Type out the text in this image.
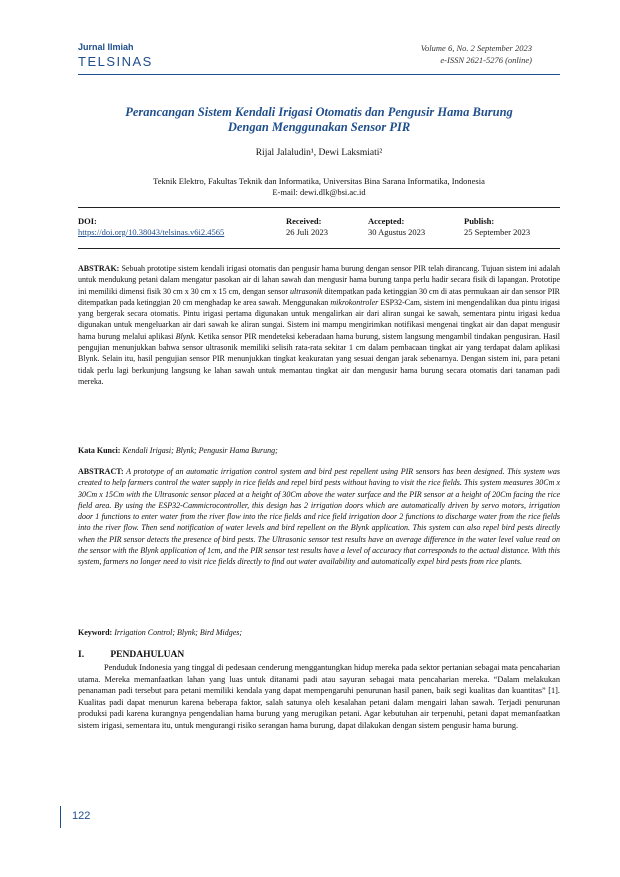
Jurnal Ilmiah
TELSINAS
Volume 6, No. 2 September 2023
e-ISSN 2621-5276 (online)
Perancangan Sistem Kendali Irigasi Otomatis dan Pengusir Hama Burung
Dengan Menggunakan Sensor PIR
Rijal Jalaludin¹, Dewi Laksmiati²
Teknik Elektro, Fakultas Teknik dan Informatika, Universitas Bina Sarana Informatika, Indonesia
E-mail: dewi.dlk@bsi.ac.id
DOI:
https://doi.org/10.38043/telsinas.v6i2.4565
Received:
26 Juli 2023
Accepted:
30 Agustus 2023
Publish:
25 September 2023
ABSTRAK: Sebuah prototipe sistem kendali irigasi otomatis dan pengusir hama burung dengan sensor PIR telah dirancang. Tujuan sistem ini adalah untuk mendukung petani dalam mengatur pasokan air di lahan sawah dan mengusir hama burung tanpa perlu hadir secara fisik di lapangan. Prototipe ini memiliki dimensi fisik 30 cm x 30 cm x 15 cm, dengan sensor ultrasonik ditempatkan pada ketinggian 30 cm di atas permukaan air dan sensor PIR ditempatkan pada ketinggian 20 cm menghadap ke area sawah. Menggunakan mikrokontroler ESP32-Cam, sistem ini mengendalikan dua pintu irigasi yang bergerak secara otomatis. Pintu irigasi pertama digunakan untuk mengalirkan air dari aliran sungai ke sawah, sementara pintu irigasi kedua digunakan untuk mengeluarkan air dari sawah ke aliran sungai. Sistem ini mampu mengirimkan notifikasi mengenai tingkat air dan dapat mengusir hama burung melalui aplikasi Blynk. Ketika sensor PIR mendeteksi keberadaan hama burung, sistem langsung mengambil tindakan pengusiran. Hasil pengujian menunjukkan bahwa sensor ultrasonik memiliki selisih rata-rata sekitar 1 cm dalam pembacaan tingkat air yang terdapat dalam aplikasi Blynk. Selain itu, hasil pengujian sensor PIR menunjukkan tingkat keakuratan yang sesuai dengan jarak sebenarnya. Dengan sistem ini, para petani tidak perlu lagi berkunjung langsung ke lahan sawah untuk memantau tingkat air dan mengusir hama burung secara otomatis dari tanaman padi mereka.
Kata Kunci: Kendali Irigasi; Blynk; Pengusir Hama Burung;
ABSTRACT: A prototype of an automatic irrigation control system and bird pest repellent using PIR sensors has been designed. This system was created to help farmers control the water supply in rice fields and repel bird pests without having to visit the rice fields. This system measures 30Cm x 30Cm x 15Cm with the Ultrasonic sensor placed at a height of 30Cm above the water surface and the PIR sensor at a height of 20Cm facing the rice field area. By using the ESP32-Cammicrocontroller, this design has 2 irrigation doors which are automatically driven by servo motors, irrigation door 1 functions to enter water from the river flow into the rice fields and rice field irrigation door 2 functions to discharge water from the rice fields into the river flow. Then send notification of water levels and bird repellent on the Blynk application. This system can also repel bird pests directly when the PIR sensor detects the presence of bird pests. The Ultrasonic sensor test results have an average difference in the water level value read on the sensor with the Blynk application of 1cm, and the PIR sensor test results have a level of accuracy that corresponds to the actual distance. With this system, farmers no longer need to visit rice fields directly to find out water availability and automatically expel bird pests from rice plants.
Keyword: Irrigation Control; Blynk; Bird Midges;
I.	PENDAHULUAN
Penduduk Indonesia yang tinggal di pedesaan cenderung menggantungkan hidup mereka pada sektor pertanian sebagai mata pencaharian utama. Mereka memanfaatkan lahan yang luas untuk ditanami padi atau sayuran sebagai mata pencaharian mereka. “Dalam melakukan penanaman padi tersebut para petani memiliki kendala yang dapat mempengaruhi penurunan hasil panen, baik segi kualitas dan kuantitas” [1]. Kualitas padi dapat menurun karena beberapa faktor, salah satunya oleh kesalahan petani dalam mengairi lahan sawah. Terjadi penurunan produksi padi karena kurangnya pengendalian hama burung yang merugikan petani. Agar kebutuhan air terpenuhi, petani dapat memanfaatkan sistem irigasi, sementara itu, untuk mengurangi risiko serangan hama burung, dapat dilakukan dengan sistem pengusir hama burung.
122
